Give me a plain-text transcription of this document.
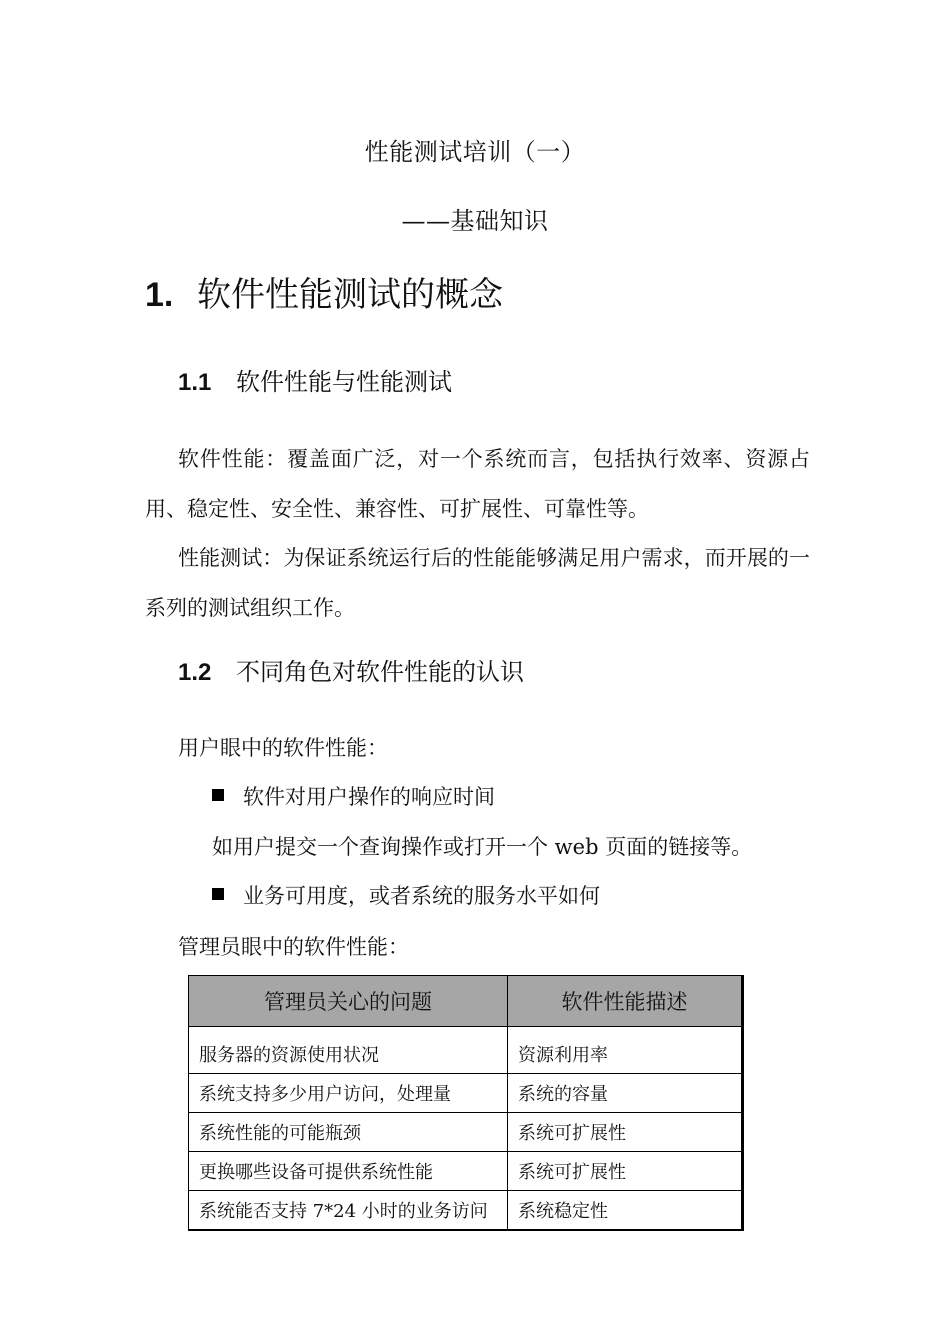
性能测试培训（一）
——基础知识
1. 软件性能测试的概念
1.1 软件性能与性能测试
软件性能：覆盖面广泛，对一个系统而言，包括执行效率、资源占用、稳定性、安全性、兼容性、可扩展性、可靠性等。
性能测试：为保证系统运行后的性能能够满足用户需求，而开展的一系列的测试组织工作。
1.2 不同角色对软件性能的认识
用户眼中的软件性能：
软件对用户操作的响应时间
如用户提交一个查询操作或打开一个 web 页面的链接等。
业务可用度，或者系统的服务水平如何
管理员眼中的软件性能：
管理员关心的问题	软件性能描述
服务器的资源使用状况	资源利用率
系统支持多少用户访问，处理量	系统的容量
系统性能的可能瓶颈	系统可扩展性
更换哪些设备可提供系统性能	系统可扩展性
系统能否支持 7*24 小时的业务访问	系统稳定性
